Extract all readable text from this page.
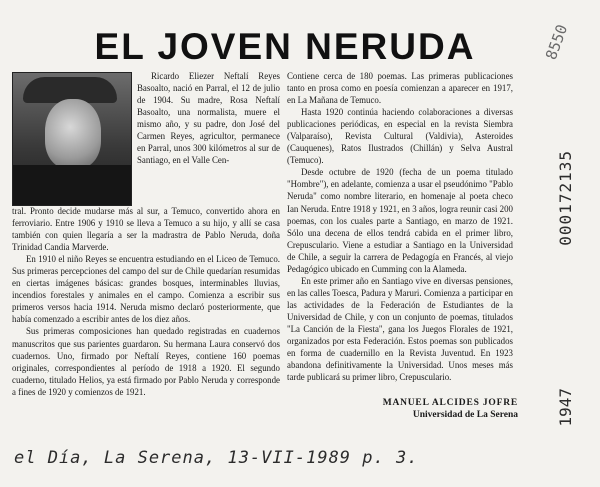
EL JOVEN NERUDA	8550

Ricardo Eliezer Neftalí Reyes Basoalto, nació en Parral, el 12 de julio de 1904. Su madre, Rosa Neftalí Basoalto, una normalista, muere el mismo año, y su padre, don José del Carmen Reyes, agricultor, permanece en Parral, unos 300 kilómetros al sur de Santiago, en el Valle Cen-

tral. Pronto decide mudarse más al sur, a Temuco, convertido ahora en ferroviario. Entre 1906 y 1910 se lleva a Temuco a su hijo, y allí se casa también con quien llegaría a ser la madrastra de Pablo Neruda, doña Trinidad Candia Marverde.

En 1910 el niño Reyes se encuentra estudiando en el Liceo de Temuco. Sus primeras percepciones del campo del sur de Chile quedarían resumidas en ciertas imágenes básicas: grandes bosques, interminables lluvias, incendios forestales y animales en el campo. Comienza a escribir sus primeros versos hacia 1914. Neruda mismo declaró posteriormente, que había comenzado a escribir antes de los diez años.

Sus primeras composiciones han quedado registradas en cuadernos manuscritos que sus parientes guardaron. Su hermana Laura conservó dos cuadernos. Uno, firmado por Neftalí Reyes, contiene 160 poemas originales, correspondientes al período de 1918 a 1920. El segundo cuaderno, titulado Helios, ya está firmado por Pablo Neruda y corresponde a fines de 1920 y comienzos de 1921.

Contiene cerca de 180 poemas. Las primeras publicaciones tanto en prosa como en poesía comienzan a aparecer en 1917, en La Mañana de Temuco.

Hasta 1920 continúa haciendo colaboraciones a diversas publicaciones periódicas, en especial en la revista Siembra (Valparaíso), Revista Cultural (Valdivia), Asteroides (Cauquenes), Ratos Ilustrados (Chillán) y Selva Austral (Temuco).

Desde octubre de 1920 (fecha de un poema titulado "Hombre"), en adelante, comienza a usar el pseudónimo "Pablo Neruda" como nombre literario, en homenaje al poeta checo Ian Neruda. Entre 1918 y 1921, en 3 años, logra reunir casi 200 poemas, con los cuales parte a Santiago, en marzo de 1921. Sólo una decena de ellos tendrá cabida en el primer libro, Crepusculario. Viene a estudiar a Santiago en la Universidad de Chile, a seguir la carrera de Pedagogía en Francés, al viejo Pedagógico ubicado en Cumming con la Alameda.

En este primer año en Santiago vive en diversas pensiones, en las calles Toesca, Padura y Maruri. Comienza a participar en las actividades de la Federación de Estudiantes de la Universidad de Chile, y con un conjunto de poemas, titulados "La Canción de la Fiesta", gana los Juegos Florales de 1921, organizados por esta Federación. Estos poemas son publicados en forma de cuadernillo en la Revista Juventud. En 1923 abandona definitivamente la Universidad. Unos meses más tarde publicará su primer libro, Crepusculario.

MANUEL ALCIDES JOFRE
Universidad de La Serena
000172135
1947
el Día, La Serena, 13-VII-1989 p. 3.
